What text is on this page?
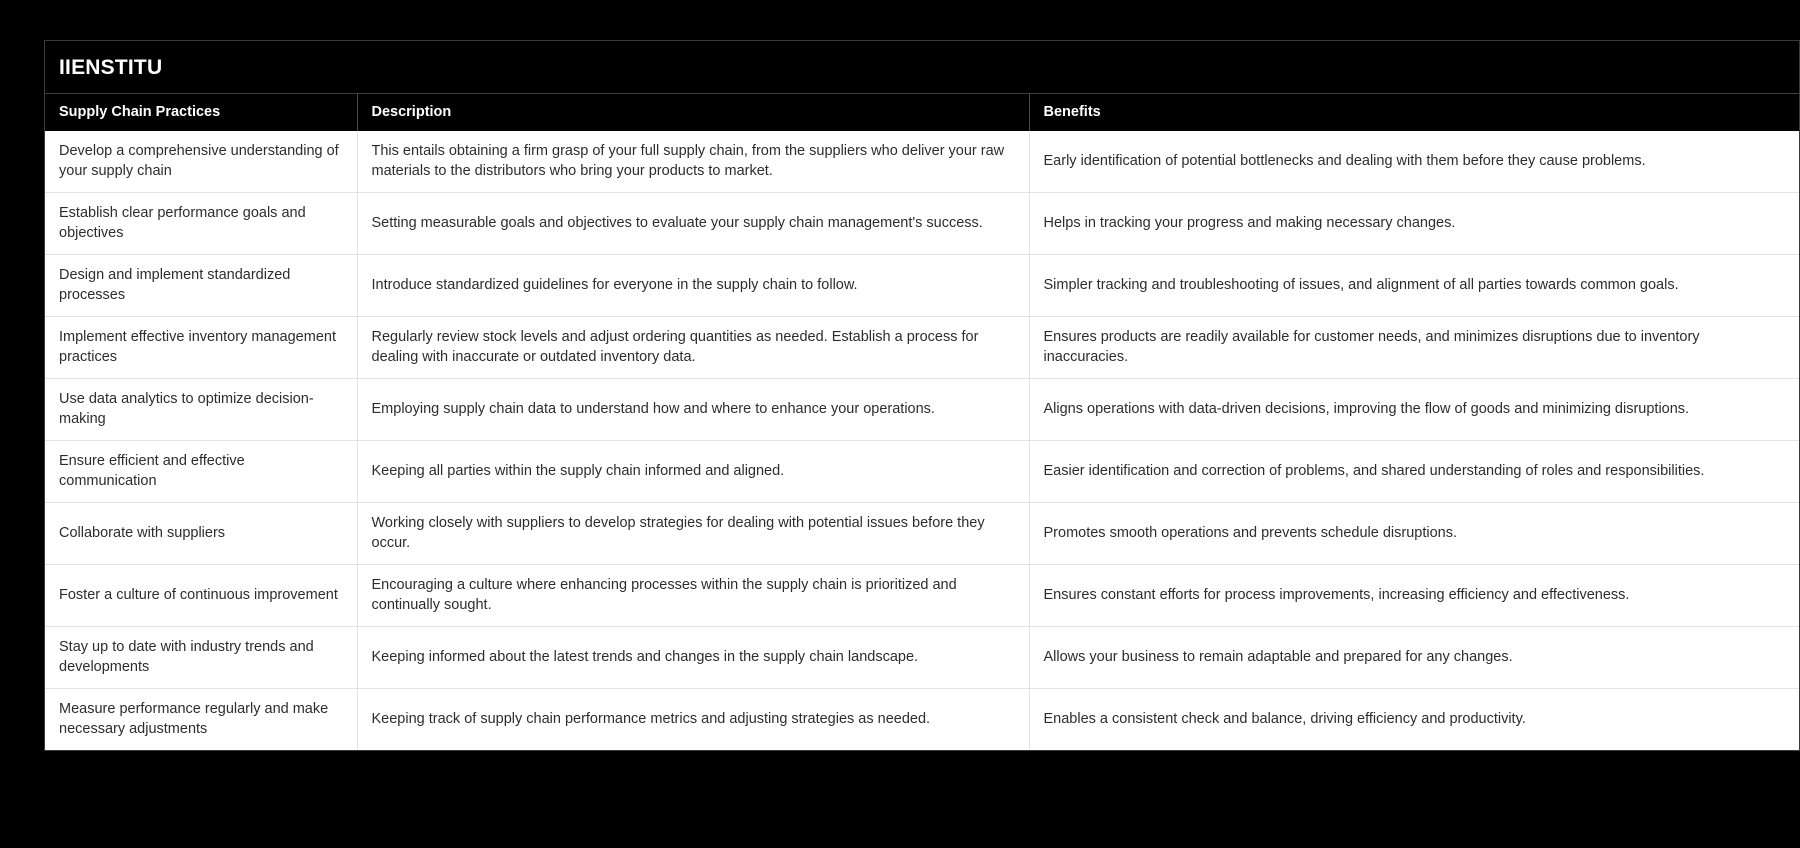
IIENSTITU
Supply Chain Practices	Description	Benefits
Develop a comprehensive understanding of your supply chain	This entails obtaining a firm grasp of your full supply chain, from the suppliers who deliver your raw materials to the distributors who bring your products to market.	Early identification of potential bottlenecks and dealing with them before they cause problems.
Establish clear performance goals and objectives	Setting measurable goals and objectives to evaluate your supply chain management's success.	Helps in tracking your progress and making necessary changes.
Design and implement standardized processes	Introduce standardized guidelines for everyone in the supply chain to follow.	Simpler tracking and troubleshooting of issues, and alignment of all parties towards common goals.
Implement effective inventory management practices	Regularly review stock levels and adjust ordering quantities as needed. Establish a process for dealing with inaccurate or outdated inventory data.	Ensures products are readily available for customer needs, and minimizes disruptions due to inventory inaccuracies.
Use data analytics to optimize decision-making	Employing supply chain data to understand how and where to enhance your operations.	Aligns operations with data-driven decisions, improving the flow of goods and minimizing disruptions.
Ensure efficient and effective communication	Keeping all parties within the supply chain informed and aligned.	Easier identification and correction of problems, and shared understanding of roles and responsibilities.
Collaborate with suppliers	Working closely with suppliers to develop strategies for dealing with potential issues before they occur.	Promotes smooth operations and prevents schedule disruptions.
Foster a culture of continuous improvement	Encouraging a culture where enhancing processes within the supply chain is prioritized and continually sought.	Ensures constant efforts for process improvements, increasing efficiency and effectiveness.
Stay up to date with industry trends and developments	Keeping informed about the latest trends and changes in the supply chain landscape.	Allows your business to remain adaptable and prepared for any changes.
Measure performance regularly and make necessary adjustments	Keeping track of supply chain performance metrics and adjusting strategies as needed.	Enables a consistent check and balance, driving efficiency and productivity.
